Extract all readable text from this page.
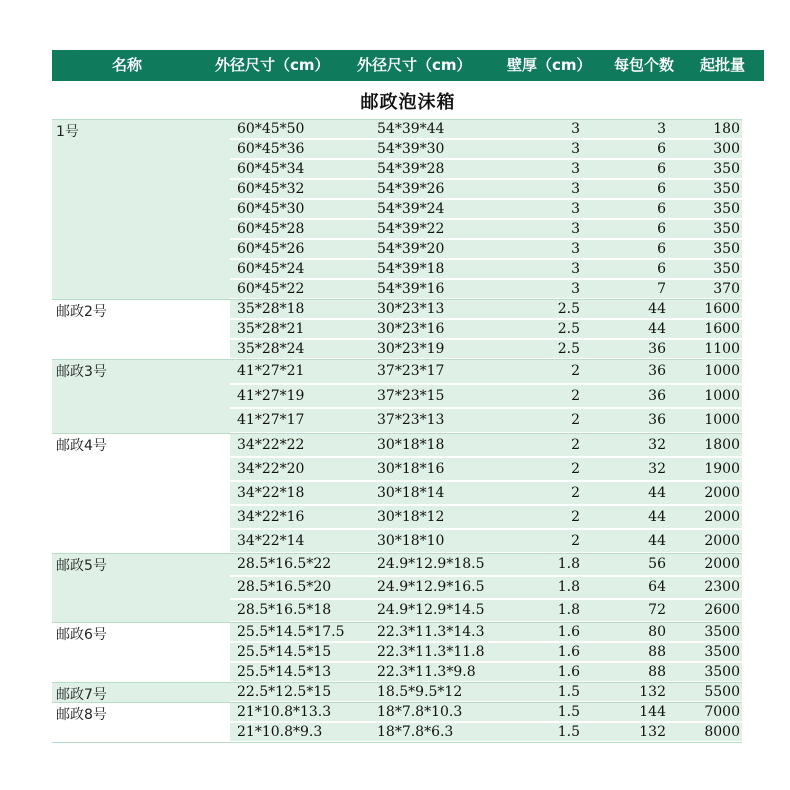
名称	外径尺寸（cm） 外径尺寸（cm） 壁厚（cm） 每包个数 起批量
邮政泡沫箱
1号	60*45*50	54*39*44	3	3	180
60*45*36	54*39*30	3	6	300
60*45*34	54*39*28	3	6	350
60*45*32	54*39*26	3	6	350
60*45*30	54*39*24	3	6	350
60*45*28	54*39*22	3	6	350
60*45*26	54*39*20	3	6	350
60*45*24	54*39*18	3	6	350
60*45*22	54*39*16	3	7	370
邮政2号	35*28*18	30*23*13	2.5	44	1600
35*28*21	30*23*16	2.5	44	1600
35*28*24	30*23*19	2.5	36	1100
邮政3号	41*27*21	37*23*17	2	36	1000
41*27*19	37*23*15	2	36	1000
41*27*17	37*23*13	2	36	1000
邮政4号	34*22*22	30*18*18	2	32	1800
34*22*20	30*18*16	2	32	1900
34*22*18	30*18*14	2	44	2000
34*22*16	30*18*12	2	44	2000
34*22*14	30*18*10	2	44	2000
邮政5号	28.5*16.5*22	24.9*12.9*18.5	1.8	56	2000
28.5*16.5*20	24.9*12.9*16.5	1.8	64	2300
28.5*16.5*18	24.9*12.9*14.5	1.8	72	2600
邮政6号	25.5*14.5*17.5 22.3*11.3*14.3	1.6	80	3500
25.5*14.5*15	22.3*11.3*11.8	1.6	88	3500
25.5*14.5*13	22.3*11.3*9.8	1.6	88	3500
邮政7号	22.5*12.5*15	18.5*9.5*12	1.5	132	5500
邮政8号	21*10.8*13.3	18*7.8*10.3	1.5	144	7000
21*10.8*9.3	18*7.8*6.3	1.5	132	8000
